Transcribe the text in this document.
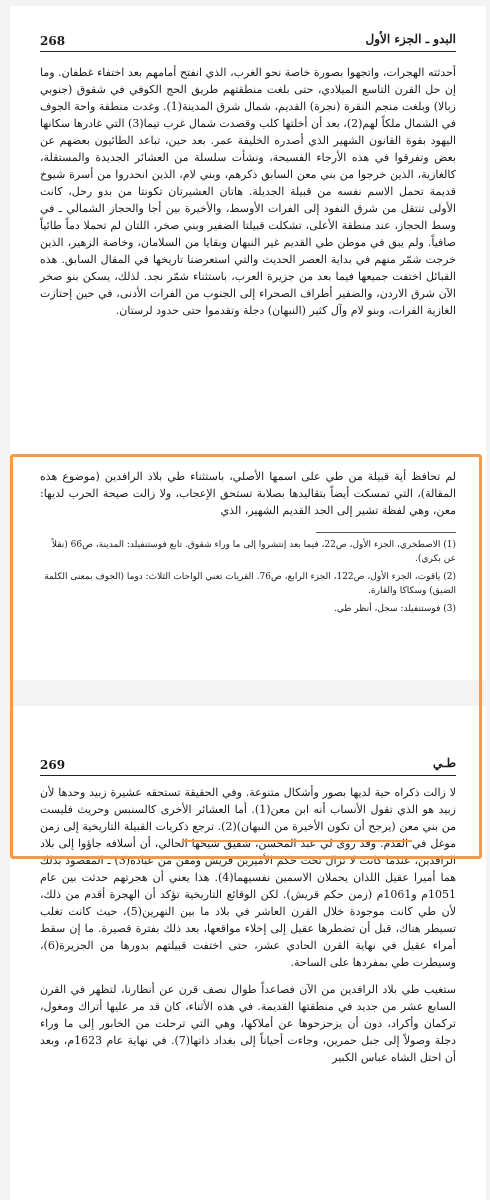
268	البدو ـ الجزء الأول

أحدثته الهجرات، واتجهوا بصورة خاصة نحو الغرب، الذي انفتح أمامهم بعد اختفاء غطفان. وما إن حل القرن التاسع الميلادي، حتى بلغت منطقتهم طريق الحج الكوفي في شقوق (جنوبي زبالا) وبلغت منجم النقرة (نجرة) القديم، شمال شرق المدينة(1). وغدت منطقة واحة الجوف في الشمال ملكاً لهم(2)، بعد أن أخلتها كلب وقصدت شمال غرب تيما(3) التي غادرها سكانها اليهود بقوة القانون الشهير الذي أصدره الخليفة عمر. بعد حين، تباعد الطائيون بعضهم عن بعض وتفرقوا في هذه الأرجاء الفسيحة، ونشأت سلسلة من العشائر الجديدة والمستقلة، كالغازية، الذين خرجوا من بني معن السابق ذكرهم، وبني لام، الذين انحدروا من أسرة شيوخ قديمة تحمل الاسم نفسه من قبيلة الجديلة. هاتان العشيرتان تكونتا من بدو رحل، كانت الأولى تنتقل من شرق النفود إلى الفرات الأوسط، والأخيرة بين أجا والحجاز الشمالي ـ في وسط الحجاز، عند منطقة الأعلى، تشكلت قبيلتا الضفير وبني صخر، اللتان لم تحملا دماً طائياً صافياً. ولم يبق في موطن طي القديم غير النبهان وبقايا من السلامان، وخاصة الزهير، الذين خرجت شمّر منهم في بداية العصر الحديث والتي استعرضنا تاريخها في المقال السابق. هذه القبائل اختفت جميعها فيما بعد من جزيرة العرب، باستثناء شمّر نجد. لذلك، يسكن بنو صخر الآن شرق الاردن، والضفير أطراف الصحراء إلى الجنوب من الفرات الأدنى، في حين إحتازت الغازية الفرات، وبنو لام وآل كثير (النبهان) دجلة وتقدموا حتى حدود لرستان.

لم تحافظ أية قبيلة من طي على اسمها الأصلي، باستثناء طي بلاد الرافدين (موضوع هذه المقالة)، التي تمسكت أيضاً بتقاليدها بصلابة تستحق الإعجاب، ولا زالت صيحة الحرب لديها: معن، وهي لفظة تشير إلى الجد القديم الشهير، الذي

(1) الاصطخري، الجزء الأول، ص22، فيما بعد إنتشروا إلى ما وراء شقوق. تابع فوستنفيلد: المدينة، ص66 (نقلاً عن بكري).

(2) ياقوت، الجزء الأول، ص122، الجزء الرابع، ص76. القريات تعني الواحات الثلاث: دوما (الجوف بمعنى الكلمة الضيق) وسكاكا والقارة.

(3) فوستنفيلد: سجل، أنظر طي.

269	طـي

لا زالت ذكراه حية لديها بصور وأشكال متنوعة. وفي الحقيقة تستحقه عشيرة زبيد وحدها لأن زبيد هو الذي تقول الأنساب أنه ابن معن(1). أما العشائر الأخرى كالسنبس وحريث فليست من بني معن (يرجح أن تكون الأخيرة من النبهان)(2). ترجع ذكريات القبيلة التاريخية إلى زمن موغل في القدم. وقد روى لي عبد المحسن، شقيق شيخها الحالي، أن أسلافه جاؤوا إلى بلاد الرافدين، عندما كانت لا تزال تحت حكم الأميرين قريش ومقن من عبادة(3) ـ المقصود بذلك هما أميرا عقيل اللذان يحملان الاسمين نفسيهما(4). هذا يعني أن هجرتهم حدثت بين عام 1051م و1061م (زمن حكم قريش). لكن الوقائع التاريخية تؤكد أن الهجرة أقدم من ذلك، لأن طي كانت موجودة خلال القرن العاشر في بلاد ما بين النهرين(5)، حيث كانت تغلب تسيطر هناك، قبل أن تضطرها عقيل إلى إخلاء مواقعها، بعد ذلك بفترة قصيرة. ما إن سقط أمراء عقيل في نهاية القرن الحادي عشر، حتى اختفت قبيلتهم بدورها من الجزيرة(6)، وسيطرت طي بمفردها على الساحة.

ستغيب طي بلاد الرافدين من الآن فصاعداً طوال نصف قرن عن أنظارنا، لتظهر في القرن السابع عشر من جديد في منطقتها القديمة. في هذه الأثناء، كان قد مر عليها أتراك ومغول، تركمان وأكراد، دون أن يزحزحوها عن أملاكها، وهي التي ترحلت من الخابور إلى ما وراء دجلة وصولاً إلى جبل حمرين، وجاءت أحياناً إلى بغداد ذاتها(7). في نهاية عام 1623م، وبعد أن احتل الشاه عباس الكبير
